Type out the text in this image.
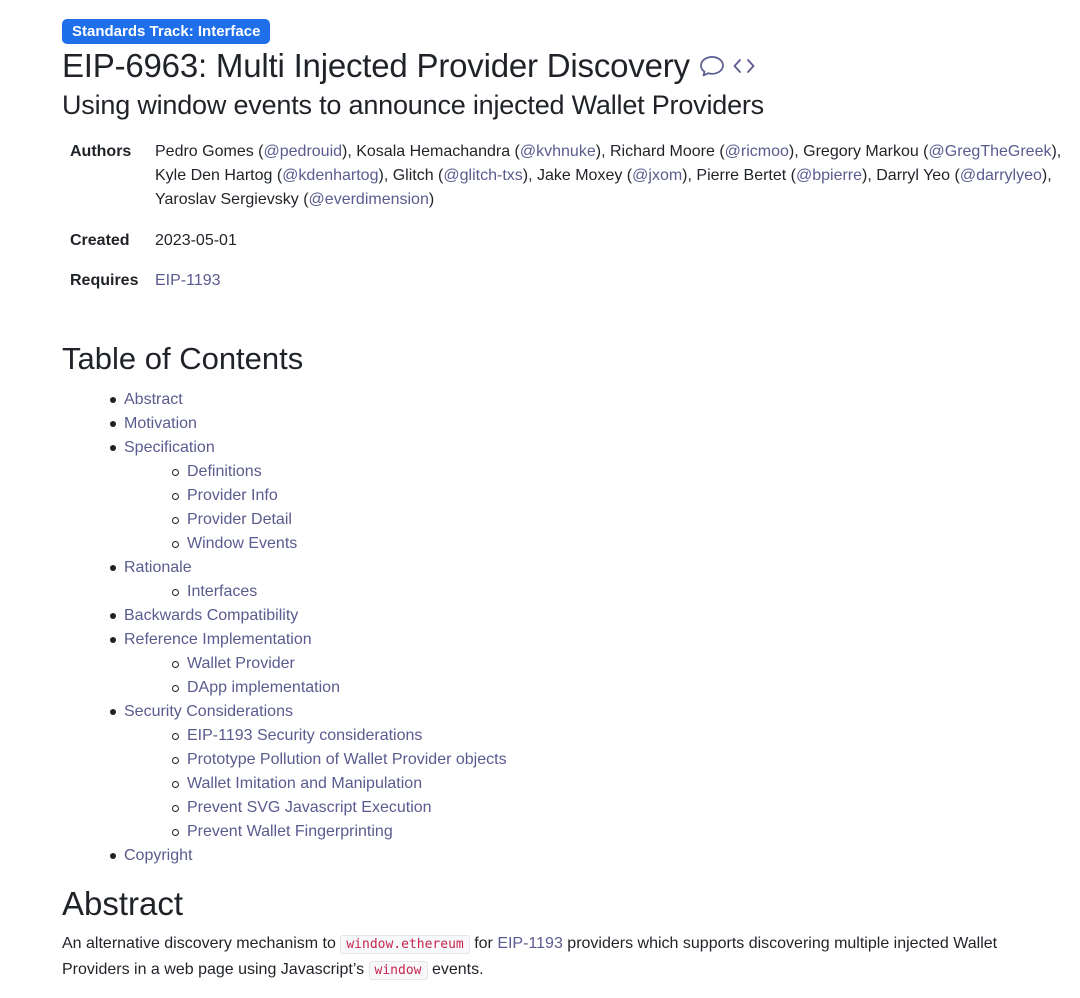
Standards Track: Interface
EIP-6963: Multi Injected Provider Discovery
Using window events to announce injected Wallet Providers
Authors	Pedro Gomes (@pedrouid), Kosala Hemachandra (@kvhnuke), Richard Moore (@ricmoo), Gregory Markou (@GregTheGreek), Kyle Den Hartog (@kdenhartog), Glitch (@glitch-txs), Jake Moxey (@jxom), Pierre Bertet (@bpierre), Darryl Yeo (@darrylyeo), Yaroslav Sergievsky (@everdimension)
Created	2023-05-01
Requires	EIP-1193
Table of Contents
Abstract
Motivation
Specification
Definitions
Provider Info
Provider Detail
Window Events
Rationale
Interfaces
Backwards Compatibility
Reference Implementation
Wallet Provider
DApp implementation
Security Considerations
EIP-1193 Security considerations
Prototype Pollution of Wallet Provider objects
Wallet Imitation and Manipulation
Prevent SVG Javascript Execution
Prevent Wallet Fingerprinting
Copyright
Abstract
An alternative discovery mechanism to window.ethereum for EIP-1193 providers which supports discovering multiple injected Wallet Providers in a web page using Javascript’s window events.
